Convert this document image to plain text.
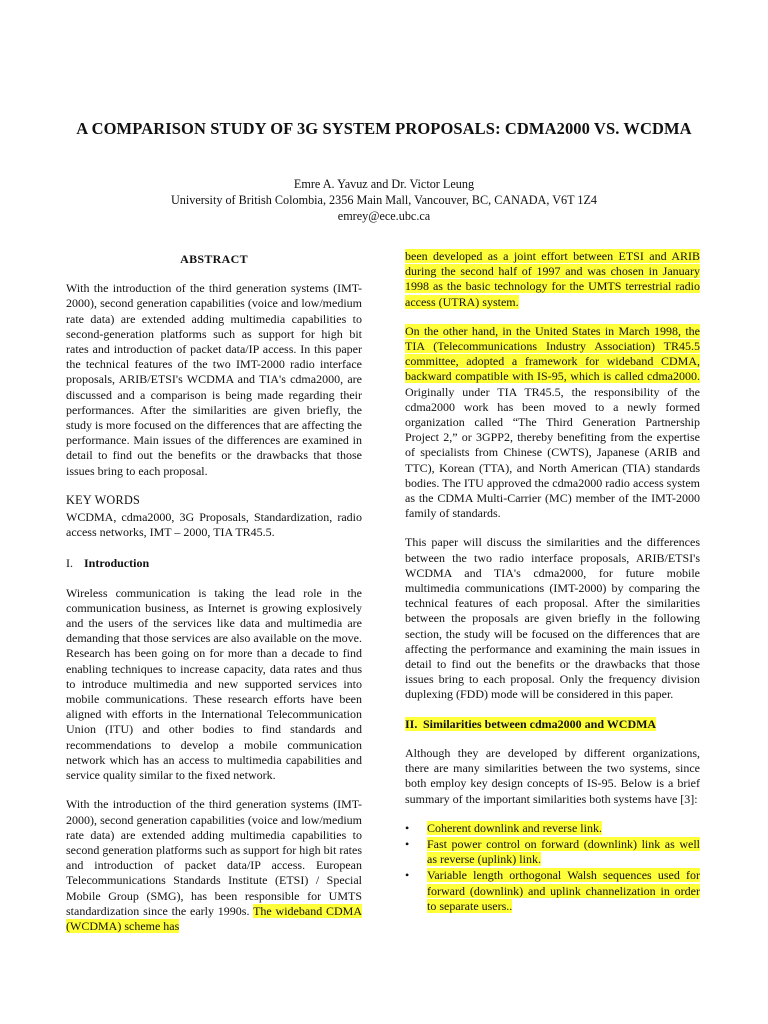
A COMPARISON STUDY OF 3G SYSTEM PROPOSALS: CDMA2000 VS. WCDMA
Emre A. Yavuz and Dr. Victor Leung
University of British Colombia, 2356 Main Mall, Vancouver, BC, CANADA, V6T 1Z4
emrey@ece.ubc.ca
ABSTRACT

With the introduction of the third generation systems (IMT-2000), second generation capabilities (voice and low/medium rate data) are extended adding multimedia capabilities to second-generation platforms such as support for high bit rates and introduction of packet data/IP access. In this paper the technical features of the two IMT-2000 radio interface proposals, ARIB/ETSI's WCDMA and TIA's cdma2000, are discussed and a comparison is being made regarding their performances. After the similarities are given briefly, the study is more focused on the differences that are affecting the performance. Main issues of the differences are examined in detail to find out the benefits or the drawbacks that those issues bring to each proposal.

KEY WORDS

WCDMA, cdma2000, 3G Proposals, Standardization, radio access networks, IMT – 2000, TIA TR45.5.

I. Introduction

Wireless communication is taking the lead role in the communication business, as Internet is growing explosively and the users of the services like data and multimedia are demanding that those services are also available on the move. Research has been going on for more than a decade to find enabling techniques to increase capacity, data rates and thus to introduce multimedia and new supported services into mobile communications. These research efforts have been aligned with efforts in the International Telecommunication Union (ITU) and other bodies to find standards and recommendations to develop a mobile communication network which has an access to multimedia capabilities and service quality similar to the fixed network.

With the introduction of the third generation systems (IMT-2000), second generation capabilities (voice and low/medium rate data) are extended adding multimedia capabilities to second generation platforms such as support for high bit rates and introduction of packet data/IP access. European Telecommunications Standards Institute (ETSI) / Special Mobile Group (SMG), has been responsible for UMTS standardization since the early 1990s. The wideband CDMA (WCDMA) scheme has

been developed as a joint effort between ETSI and ARIB during the second half of 1997 and was chosen in January 1998 as the basic technology for the UMTS terrestrial radio access (UTRA) system.

On the other hand, in the United States in March 1998, the TIA (Telecommunications Industry Association) TR45.5 committee, adopted a framework for wideband CDMA, backward compatible with IS-95, which is called cdma2000. Originally under TIA TR45.5, the responsibility of the cdma2000 work has been moved to a newly formed organization called “The Third Generation Partnership Project 2,” or 3GPP2, thereby benefiting from the expertise of specialists from Chinese (CWTS), Japanese (ARIB and TTC), Korean (TTA), and North American (TIA) standards bodies. The ITU approved the cdma2000 radio access system as the CDMA Multi-Carrier (MC) member of the IMT-2000 family of standards.

This paper will discuss the similarities and the differences between the two radio interface proposals, ARIB/ETSI's WCDMA and TIA's cdma2000, for future mobile multimedia communications (IMT-2000) by comparing the technical features of each proposal. After the similarities between the proposals are given briefly in the following section, the study will be focused on the differences that are affecting the performance and examining the main issues in detail to find out the benefits or the drawbacks that those issues bring to each proposal. Only the frequency division duplexing (FDD) mode will be considered in this paper.

II. Similarities between cdma2000 and WCDMA

Although they are developed by different organizations, there are many similarities between the two systems, since both employ key design concepts of IS-95. Below is a brief summary of the important similarities both systems have [3]:

• Coherent downlink and reverse link.
• Fast power control on forward (downlink) link as well as reverse (uplink) link.
• Variable length orthogonal Walsh sequences used for forward (downlink) and uplink channelization in order to separate users..
